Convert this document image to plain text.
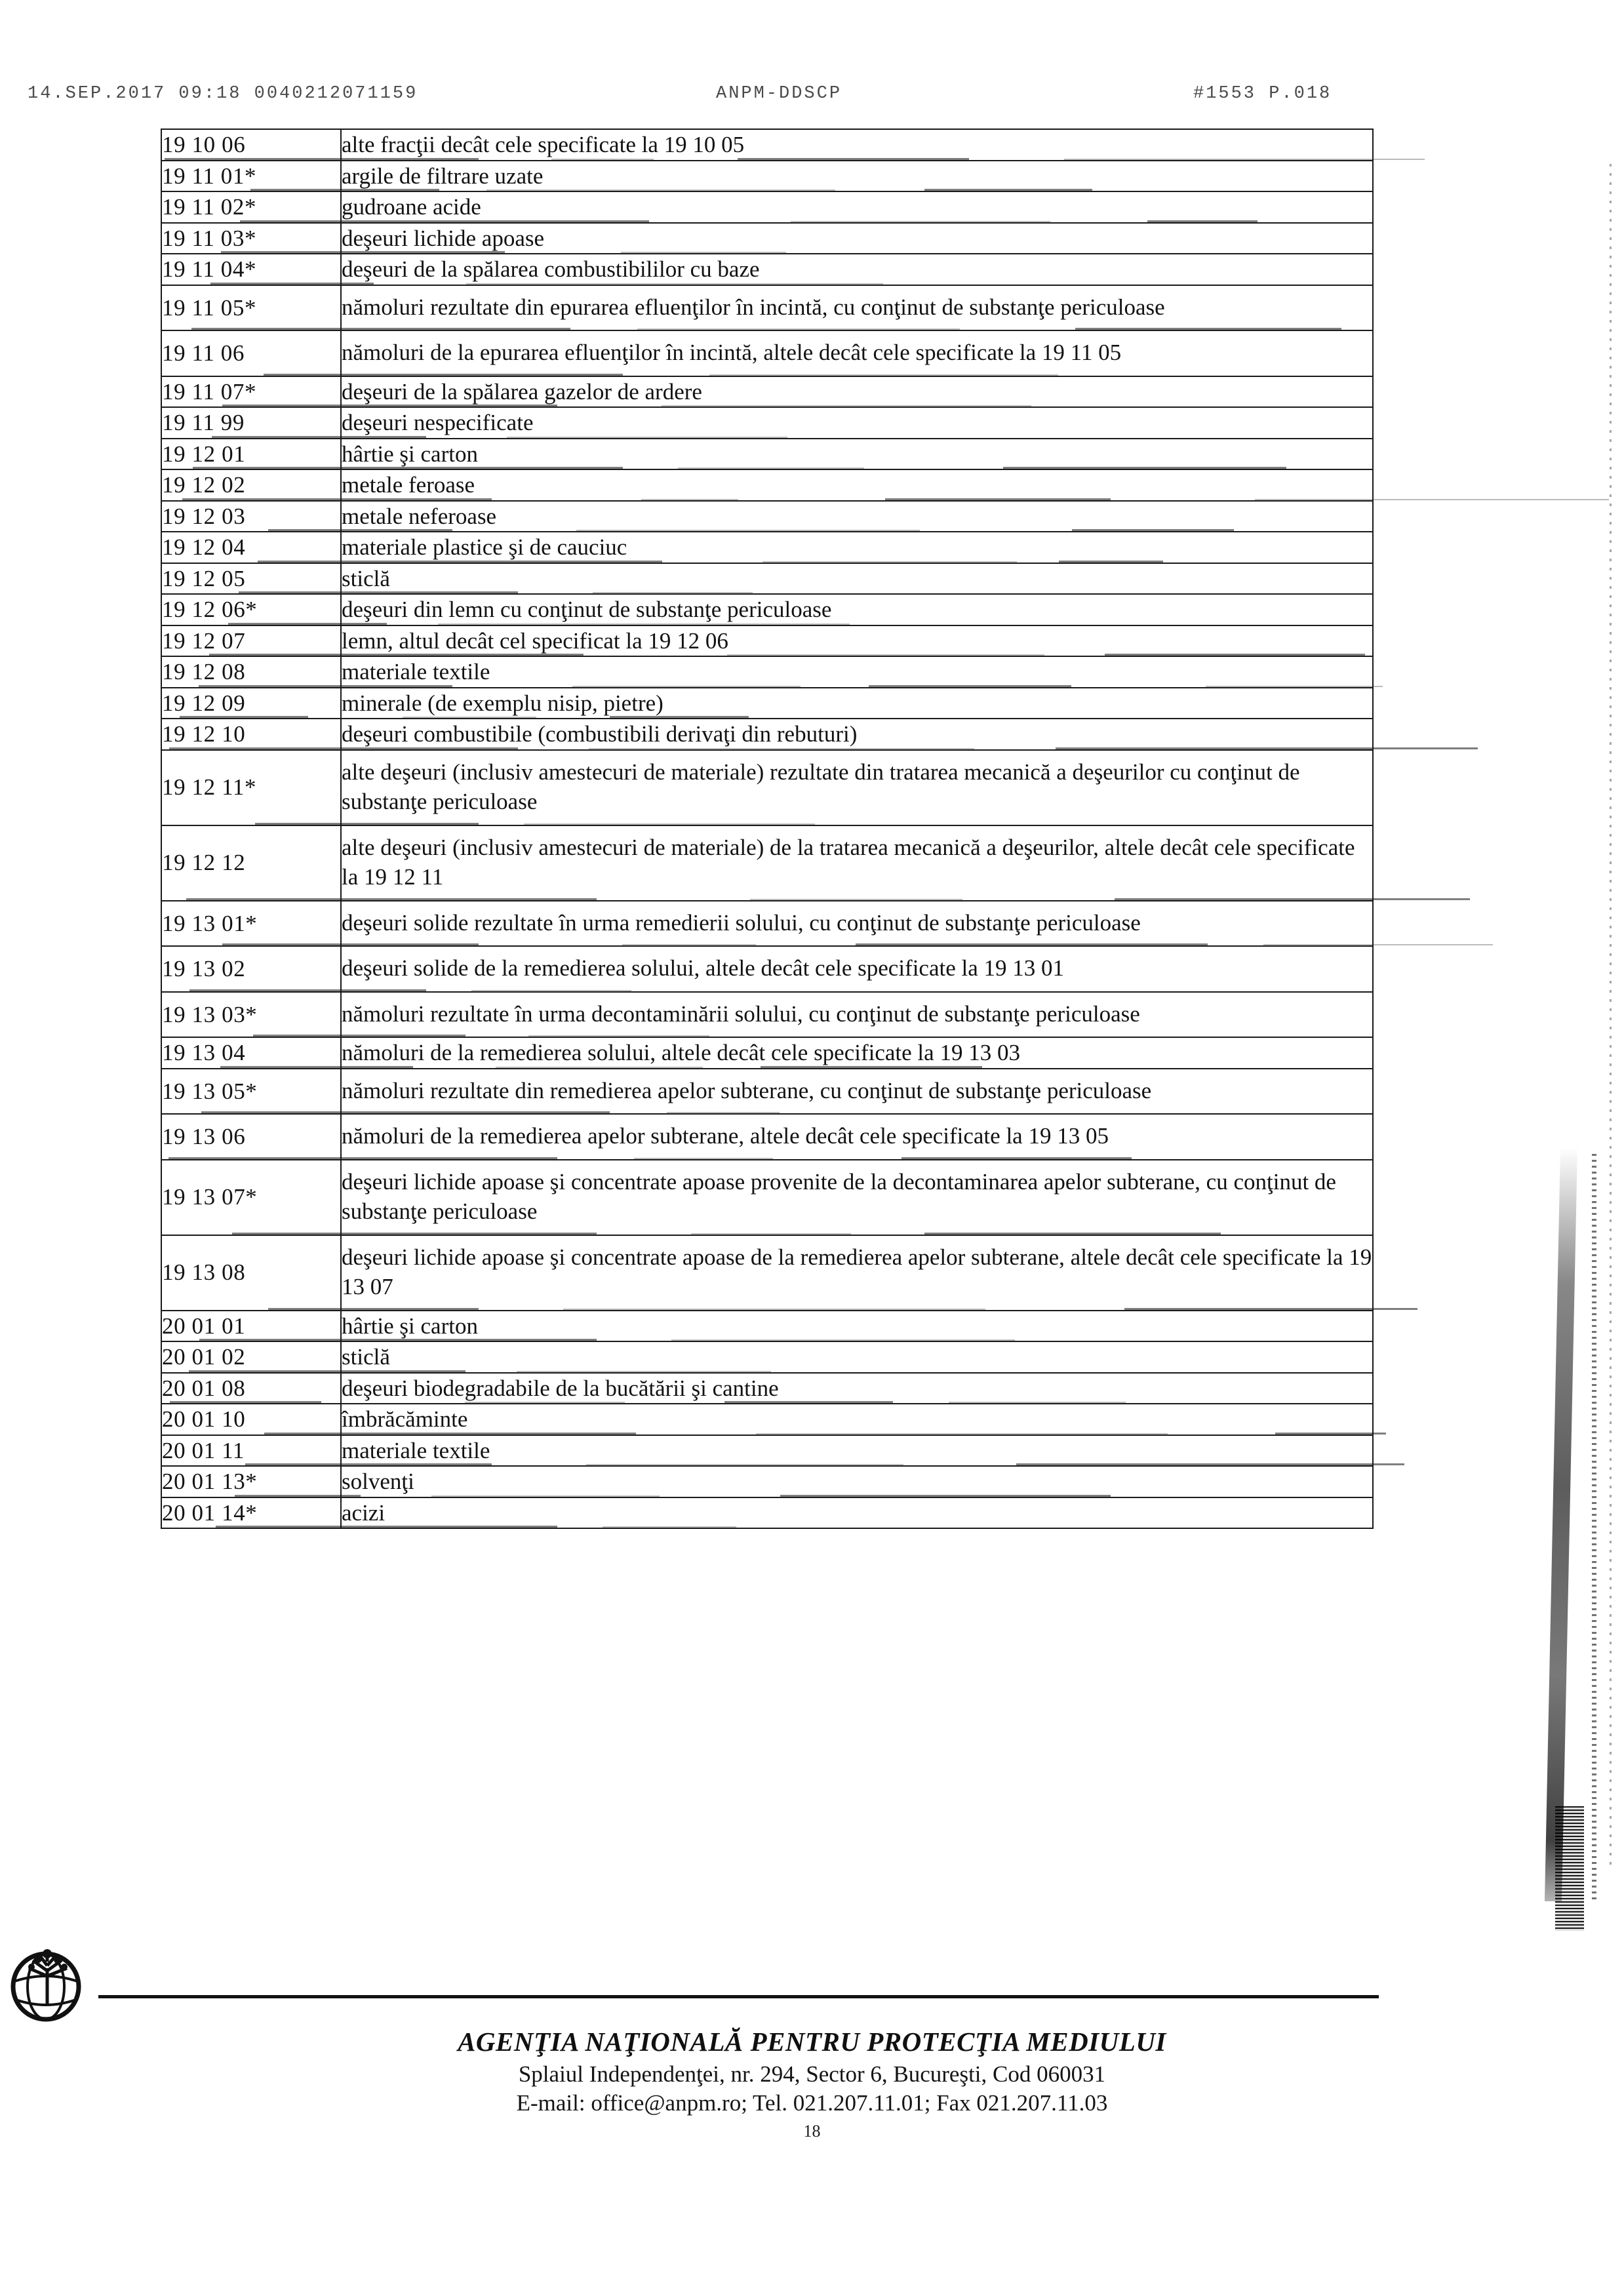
14.SEP.2017 09:18 0040212071159	ANPM-DDSCP	#1553 P.018
19 10 06	alte fracţii decât cele specificate la 19 10 05
19 11 01*	argile de filtrare uzate
19 11 02*	gudroane acide
19 11 03*	deşeuri lichide apoase
19 11 04*	deşeuri de la spălarea combustibililor cu baze
19 11 05*	nămoluri rezultate din epurarea efluenţilor în incintă, cu conţinut de substanţe periculoase
19 11 06	nămoluri de la epurarea efluenţilor în incintă, altele decât cele specificate la 19 11 05
19 11 07*	deşeuri de la spălarea gazelor de ardere
19 11 99	deşeuri nespecificate
19 12 01	hârtie şi carton
19 12 02	metale feroase
19 12 03	metale neferoase
19 12 04	materiale plastice şi de cauciuc
19 12 05	sticlă
19 12 06*	deşeuri din lemn cu conţinut de substanţe periculoase
19 12 07	lemn, altul decât cel specificat la 19 12 06
19 12 08	materiale textile
19 12 09	minerale (de exemplu nisip, pietre)
19 12 10	deşeuri combustibile (combustibili derivaţi din rebuturi)
19 12 11*	alte deşeuri (inclusiv amestecuri de materiale) rezultate din tratarea mecanică a deşeurilor cu conţinut de substanţe periculoase
19 12 12	alte deşeuri (inclusiv amestecuri de materiale) de la tratarea mecanică a deşeurilor, altele decât cele specificate la 19 12 11
19 13 01*	deşeuri solide rezultate în urma remedierii solului, cu conţinut de substanţe periculoase
19 13 02	deşeuri solide de la remedierea solului, altele decât cele specificate la 19 13 01
19 13 03*	nămoluri rezultate în urma decontaminării solului, cu conţinut de substanţe periculoase
19 13 04	nămoluri de la remedierea solului, altele decât cele specificate la 19 13 03
19 13 05*	nămoluri rezultate din remedierea apelor subterane, cu conţinut de substanţe periculoase
19 13 06	nămoluri de la remedierea apelor subterane, altele decât cele specificate la 19 13 05
19 13 07*	deşeuri lichide apoase şi concentrate apoase provenite de la decontaminarea apelor subterane, cu conţinut de substanţe periculoase
19 13 08	deşeuri lichide apoase şi concentrate apoase de la remedierea apelor subterane, altele decât cele specificate la 19 13 07
20 01 01	hârtie şi carton
20 01 02	sticlă
20 01 08	deşeuri biodegradabile de la bucătării şi cantine
20 01 10	îmbrăcăminte
20 01 11	materiale textile
20 01 13*	solvenţi
20 01 14*	acizi

AGENŢIA NAŢIONALĂ PENTRU PROTECŢIA MEDIULUI

Splaiul Independenţei, nr. 294, Sector 6, Bucureşti, Cod 060031

E-mail: office@anpm.ro; Tel. 021.207.11.01; Fax 021.207.11.03

18
